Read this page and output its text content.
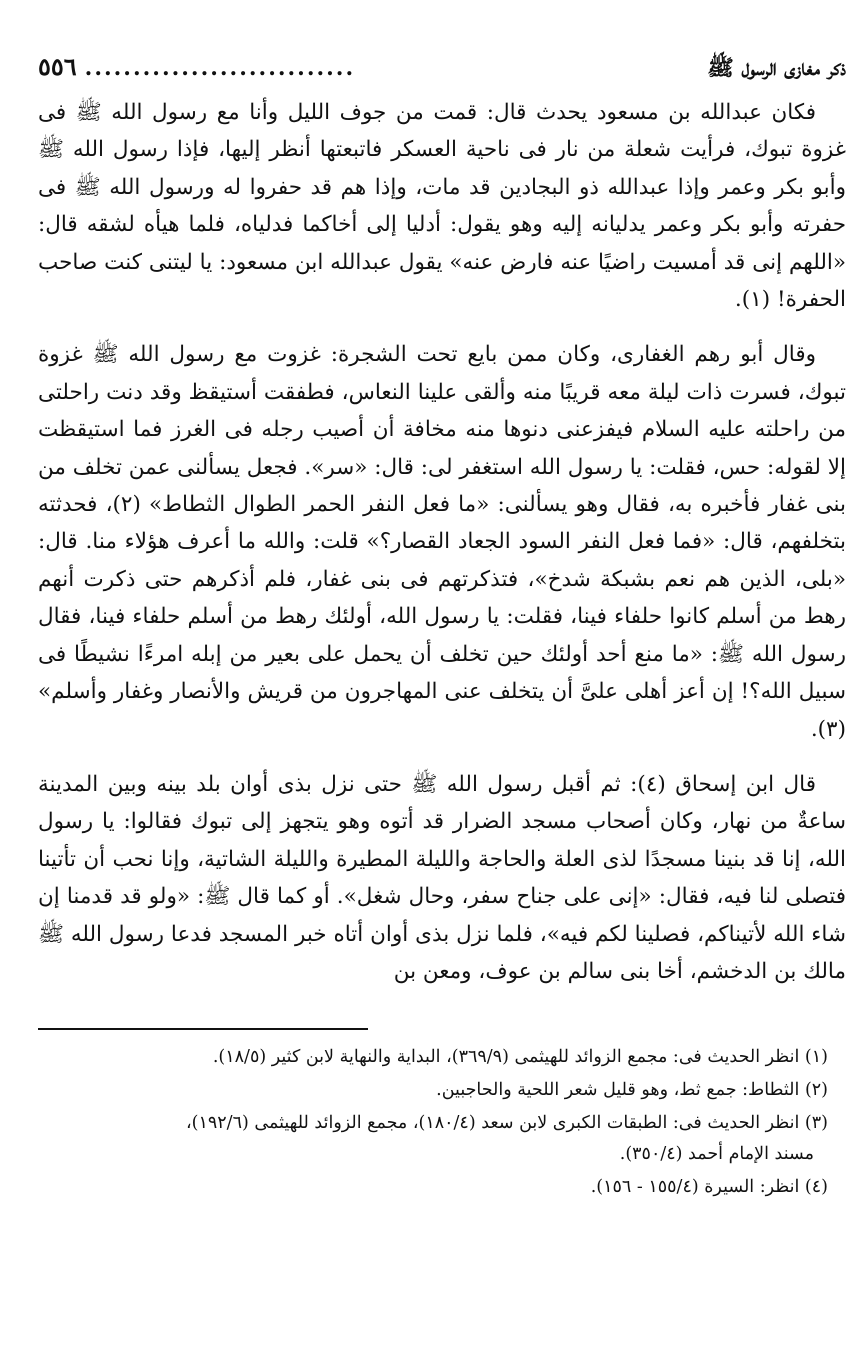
ذكر مغازى الرسول ﷺ
............................
٥٥٦

فكان عبدالله بن مسعود يحدث قال: قمت من جوف الليل وأنا مع رسول الله ﷺ فى غزوة تبوك، فرأيت شعلة من نار فى ناحية العسكر فاتبعتها أنظر إليها، فإذا رسول الله ﷺ وأبو بكر وعمر وإذا عبدالله ذو البجادين قد مات، وإذا هم قد حفروا له ورسول الله ﷺ فى حفرته وأبو بكر وعمر يدليانه إليه وهو يقول: أدليا إلى أخاكما فدلياه، فلما هيأه لشقه قال: «اللهم إنى قد أمسيت راضيًا عنه فارض عنه» يقول عبدالله ابن مسعود: يا ليتنى كنت صاحب الحفرة! (١).

وقال أبو رهم الغفارى، وكان ممن بايع تحت الشجرة: غزوت مع رسول الله ﷺ غزوة تبوك، فسرت ذات ليلة معه قريبًا منه وألقى علينا النعاس، فطفقت أستيقظ وقد دنت راحلتى من راحلته عليه السلام فيفزعنى دنوها منه مخافة أن أصيب رجله فى الغرز فما استيقظت إلا لقوله: حس، فقلت: يا رسول الله استغفر لى: قال: «سر». فجعل يسألنى عمن تخلف من بنى غفار فأخبره به، فقال وهو يسألنى: «ما فعل النفر الحمر الطوال الثطاط» (٢)، فحدثته بتخلفهم، قال: «فما فعل النفر السود الجعاد القصار؟» قلت: والله ما أعرف هؤلاء منا. قال: «بلى، الذين هم نعم بشبكة شدخ»، فتذكرتهم فى بنى غفار، فلم أذكرهم حتى ذكرت أنهم رهط من أسلم كانوا حلفاء فينا، فقلت: يا رسول الله، أولئك رهط من أسلم حلفاء فينا، فقال رسول الله ﷺ: «ما منع أحد أولئك حين تخلف أن يحمل على بعير من إبله امرءًا نشيطًا فى سبيل الله؟! إن أعز أهلى علىَّ أن يتخلف عنى المهاجرون من قريش والأنصار وغفار وأسلم» (٣).

قال ابن إسحاق (٤): ثم أقبل رسول الله ﷺ حتى نزل بذى أوان بلد بينه وبين المدينة ساعةٌ من نهار، وكان أصحاب مسجد الضرار قد أتوه وهو يتجهز إلى تبوك فقالوا: يا رسول الله، إنا قد بنينا مسجدًا لذى العلة والحاجة والليلة المطيرة والليلة الشاتية، وإنا نحب أن تأتينا فتصلى لنا فيه، فقال: «إنى على جناح سفر، وحال شغل». أو كما قال ﷺ: «ولو قد قدمنا إن شاء الله لأتيناكم، فصلينا لكم فيه»، فلما نزل بذى أوان أتاه خبر المسجد فدعا رسول الله ﷺ مالك بن الدخشم، أخا بنى سالم بن عوف، ومعن بن

(١) انظر الحديث فى: مجمع الزوائد للهيثمى (٣٦٩/٩)، البداية والنهاية لابن كثير (١٨/٥).

(٢) الثطاط: جمع ثط، وهو قليل شعر اللحية والحاجبين.

(٣) انظر الحديث فى: الطبقات الكبرى لابن سعد (١٨٠/٤)، مجمع الزوائد للهيثمى (١٩٢/٦)،
مسند الإمام أحمد (٣٥٠/٤).

(٤) انظر: السيرة (١٥٥/٤ - ١٥٦).
